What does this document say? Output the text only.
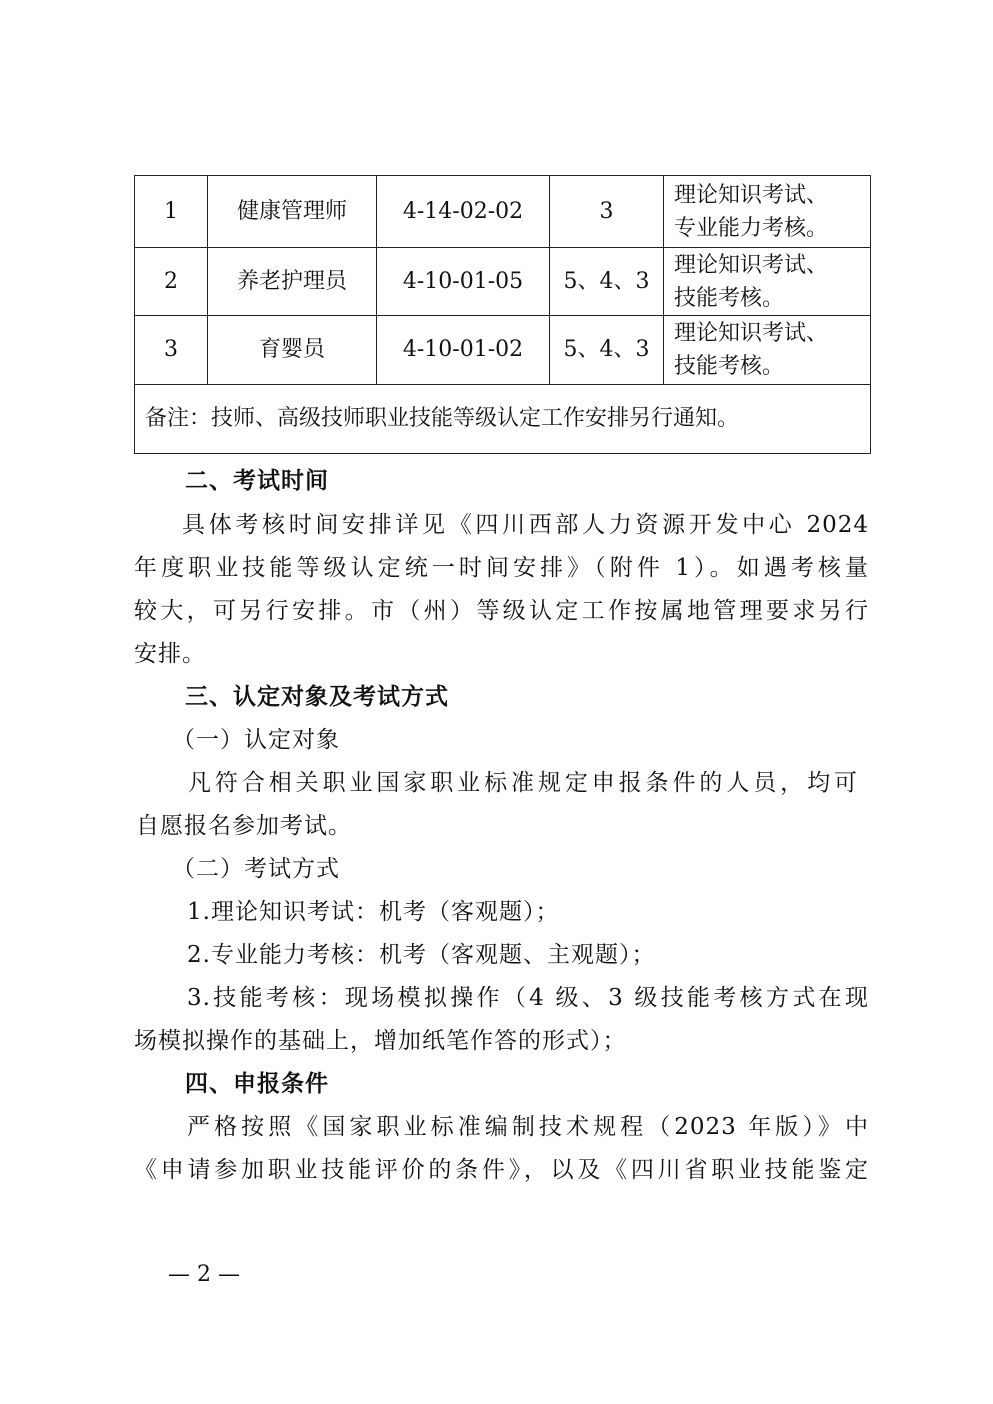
1	健康管理师	4-14-02-02	3	理论知识考试、
专业能力考核。

2	养老护理员	4-10-01-05	5、4、3	理论知识考试、
技能考核。

3	育婴员	4-10-01-02	5、4、3	理论知识考试、
技能考核。

备注：技师、高级技师职业技能等级认定工作安排另行通知。				
二、考试时间
具体考核时间安排详见《四川西部人力资源开发中心 2024
年度职业技能等级认定统一时间安排》（附件 1）。如遇考核量
较大，可另行安排。市（州）等级认定工作按属地管理要求另行
安排。
三、认定对象及考试方式
（一）认定对象
凡符合相关职业国家职业标准规定申报条件的人员，均可
自愿报名参加考试。
（二）考试方式
1.理论知识考试：机考（客观题）；
2.专业能力考核：机考（客观题、主观题）；
3.技能考核：现场模拟操作（4 级、3 级技能考核方式在现
场模拟操作的基础上，增加纸笔作答的形式）；
四、申报条件
严格按照《国家职业标准编制技术规程（2023 年版）》中
《申请参加职业技能评价的条件》，以及《四川省职业技能鉴定
— 2 —
